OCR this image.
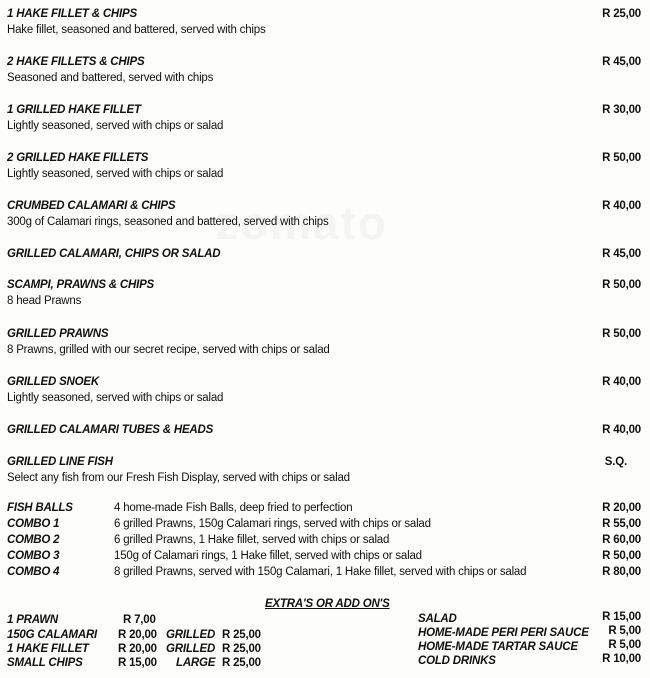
1 HAKE FILLET & CHIPS
Hake fillet, seasoned and battered, served with chips
R 25,00
2 HAKE FILLETS & CHIPS
Seasoned and battered, served with chips
R 45,00
1 GRILLED HAKE FILLET
Lightly seasoned, served with chips or salad
R 30,00
2 GRILLED HAKE FILLETS
Lightly seasoned, served with chips or salad
R 50,00
CRUMBED CALAMARI & CHIPS
300g of Calamari rings, seasoned and battered, served with chips
R 40,00
GRILLED CALAMARI, CHIPS OR SALAD	R 45,00
SCAMPI, PRAWNS & CHIPS
8 head Prawns
R 50,00
GRILLED PRAWNS
8 Prawns, grilled with our secret recipe, served with chips or salad
R 50,00
GRILLED SNOEK
Lightly seasoned, served with chips or salad
R 40,00
GRILLED CALAMARI TUBES & HEADS	R 40,00
GRILLED LINE FISH
Select any fish from our Fresh Fish Display, served with chips or salad
S.Q.
FISH BALLS	4 home-made Fish Balls, deep fried to perfection	R 20,00
COMBO 1	6 grilled Prawns, 150g Calamari rings, served with chips or salad	R 55,00
COMBO 2	6 grilled Prawns, 1 Hake fillet, served with chips or salad	R 60,00
COMBO 3	150g of Calamari rings, 1 Hake fillet, served with chips or salad	R 50,00
COMBO 4	8 grilled Prawns, served with 150g Calamari, 1 Hake fillet, served with chips or salad	R 80,00
EXTRA'S OR ADD ON'S
1 PRAWN	R 7,00
150G CALAMARI R 20,00 GRILLED R 25,00
1 HAKE FILLET	R 20,00 GRILLED R 25,00
SMALL CHIPS	R 15,00 LARGE R 25,00
SALAD	R 15,00
HOME-MADE PERI PERI SAUCE R 5,00
HOME-MADE TARTAR SAUCE	R 5,00
COLD DRINKS	R 10,00
